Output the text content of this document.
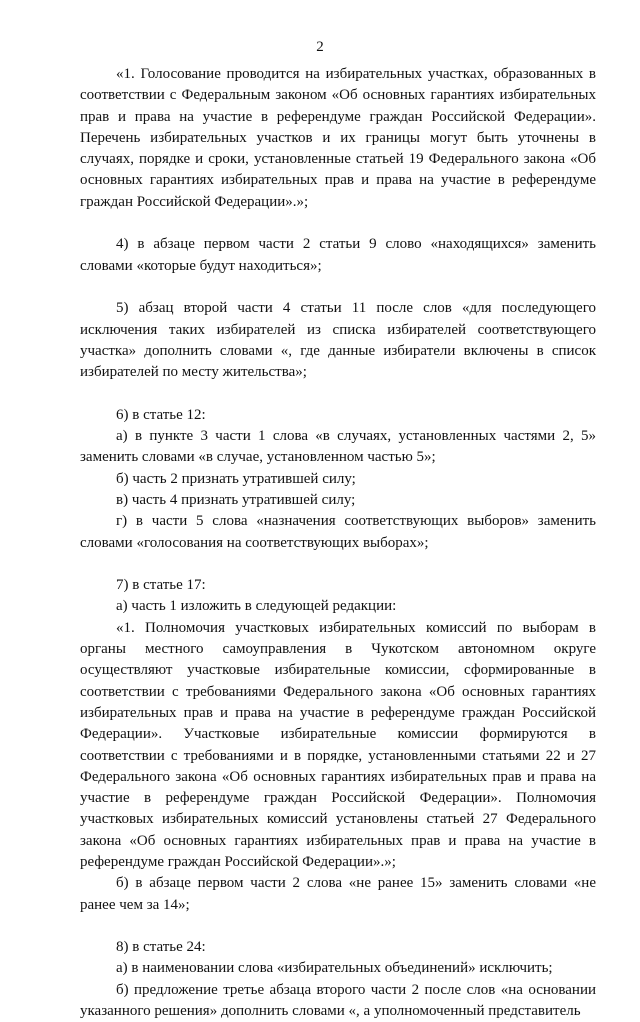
2

«1. Голосование проводится на избирательных участках, образованных в соответствии с Федеральным законом «Об основных гарантиях избирательных прав и права на участие в референдуме граждан Российской Федерации». Перечень избирательных участков и их границы могут быть уточнены в случаях, порядке и сроки, установленные статьей 19 Федерального закона «Об основных гарантиях избирательных прав и права на участие в референдуме граждан Российской Федерации».»;

4) в абзаце первом части 2 статьи 9 слово «находящихся» заменить словами «которые будут находиться»;

5) абзац второй части 4 статьи 11 после слов «для последующего исключения таких избирателей из списка избирателей соответствующего участка» дополнить словами «, где данные избиратели включены в список избирателей по месту жительства»;

6) в статье 12:

а) в пункте 3 части 1 слова «в случаях, установленных частями 2, 5» заменить словами «в случае, установленном частью 5»;

б) часть 2 признать утратившей силу;

в) часть 4 признать утратившей силу;

г) в части 5 слова «назначения соответствующих выборов» заменить словами «голосования на соответствующих выборах»;

7) в статье 17:

а) часть 1 изложить в следующей редакции:

«1. Полномочия участковых избирательных комиссий по выборам в органы местного самоуправления в Чукотском автономном округе осуществляют участковые избирательные комиссии, сформированные в соответствии с требованиями Федерального закона «Об основных гарантиях избирательных прав и права на участие в референдуме граждан Российской Федерации». Участковые избирательные комиссии формируются в соответствии с требованиями и в порядке, установленными статьями 22 и 27 Федерального закона «Об основных гарантиях избирательных прав и права на участие в референдуме граждан Российской Федерации». Полномочия участковых избирательных комиссий установлены статьей 27 Федерального закона «Об основных гарантиях избирательных прав и права на участие в референдуме граждан Российской Федерации».»;

б) в абзаце первом части 2 слова «не ранее 15» заменить словами «не ранее чем за 14»;

8) в статье 24:

а) в наименовании слова «избирательных объединений» исключить;

б) предложение третье абзаца второго части 2 после слов «на основании указанного решения» дополнить словами «, а уполномоченный представитель
